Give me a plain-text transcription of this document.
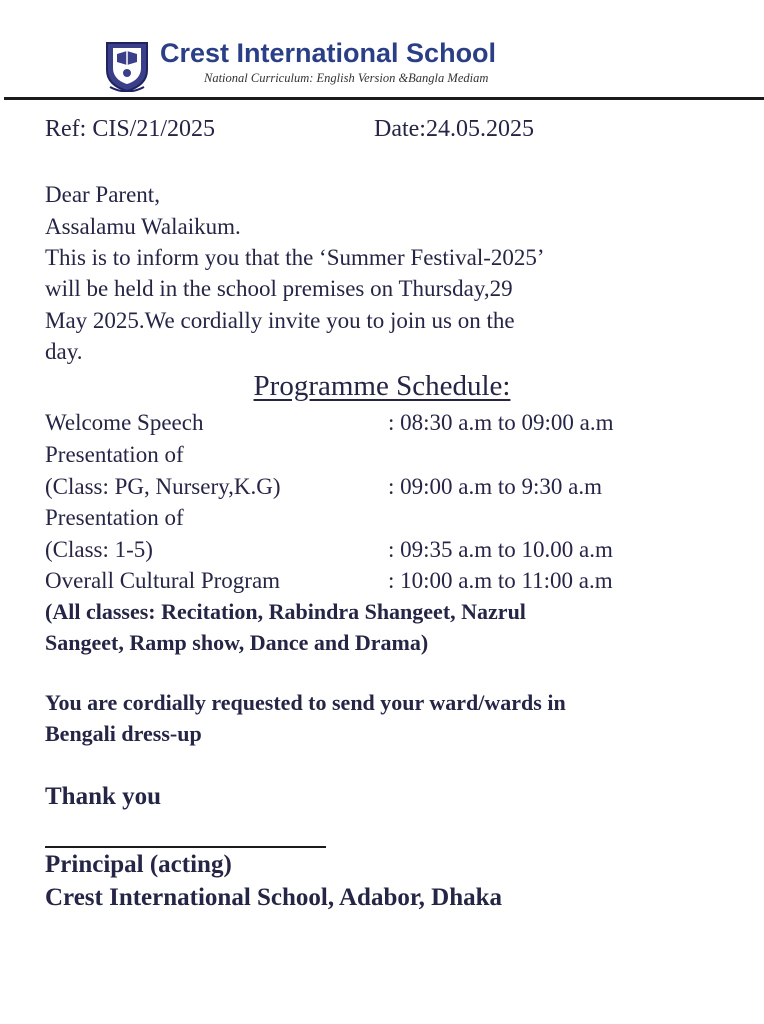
Crest International School
National Curriculum: English Version &Bangla Mediam
Ref: CIS/21/2025	Date:24.05.2025
Dear Parent,
Assalamu Walaikum.
This is to inform you that the ‘Summer Festival-2025’
will be held in the school premises on Thursday,29
May 2025.We cordially invite you to join us on the
day.
Programme Schedule:
Welcome Speech	: 08:30 a.m to 09:00 a.m
Presentation of
(Class: PG, Nursery,K.G)	: 09:00 a.m to 9:30 a.m
Presentation of
(Class: 1-5)	: 09:35 a.m to 10.00 a.m
Overall Cultural Program	: 10:00 a.m to 11:00 a.m
(All classes: Recitation, Rabindra Shangeet, Nazrul
Sangeet, Ramp show, Dance and Drama)
You are cordially requested to send your ward/wards in
Bengali dress-up
Thank you
Principal (acting)
Crest International School, Adabor, Dhaka
